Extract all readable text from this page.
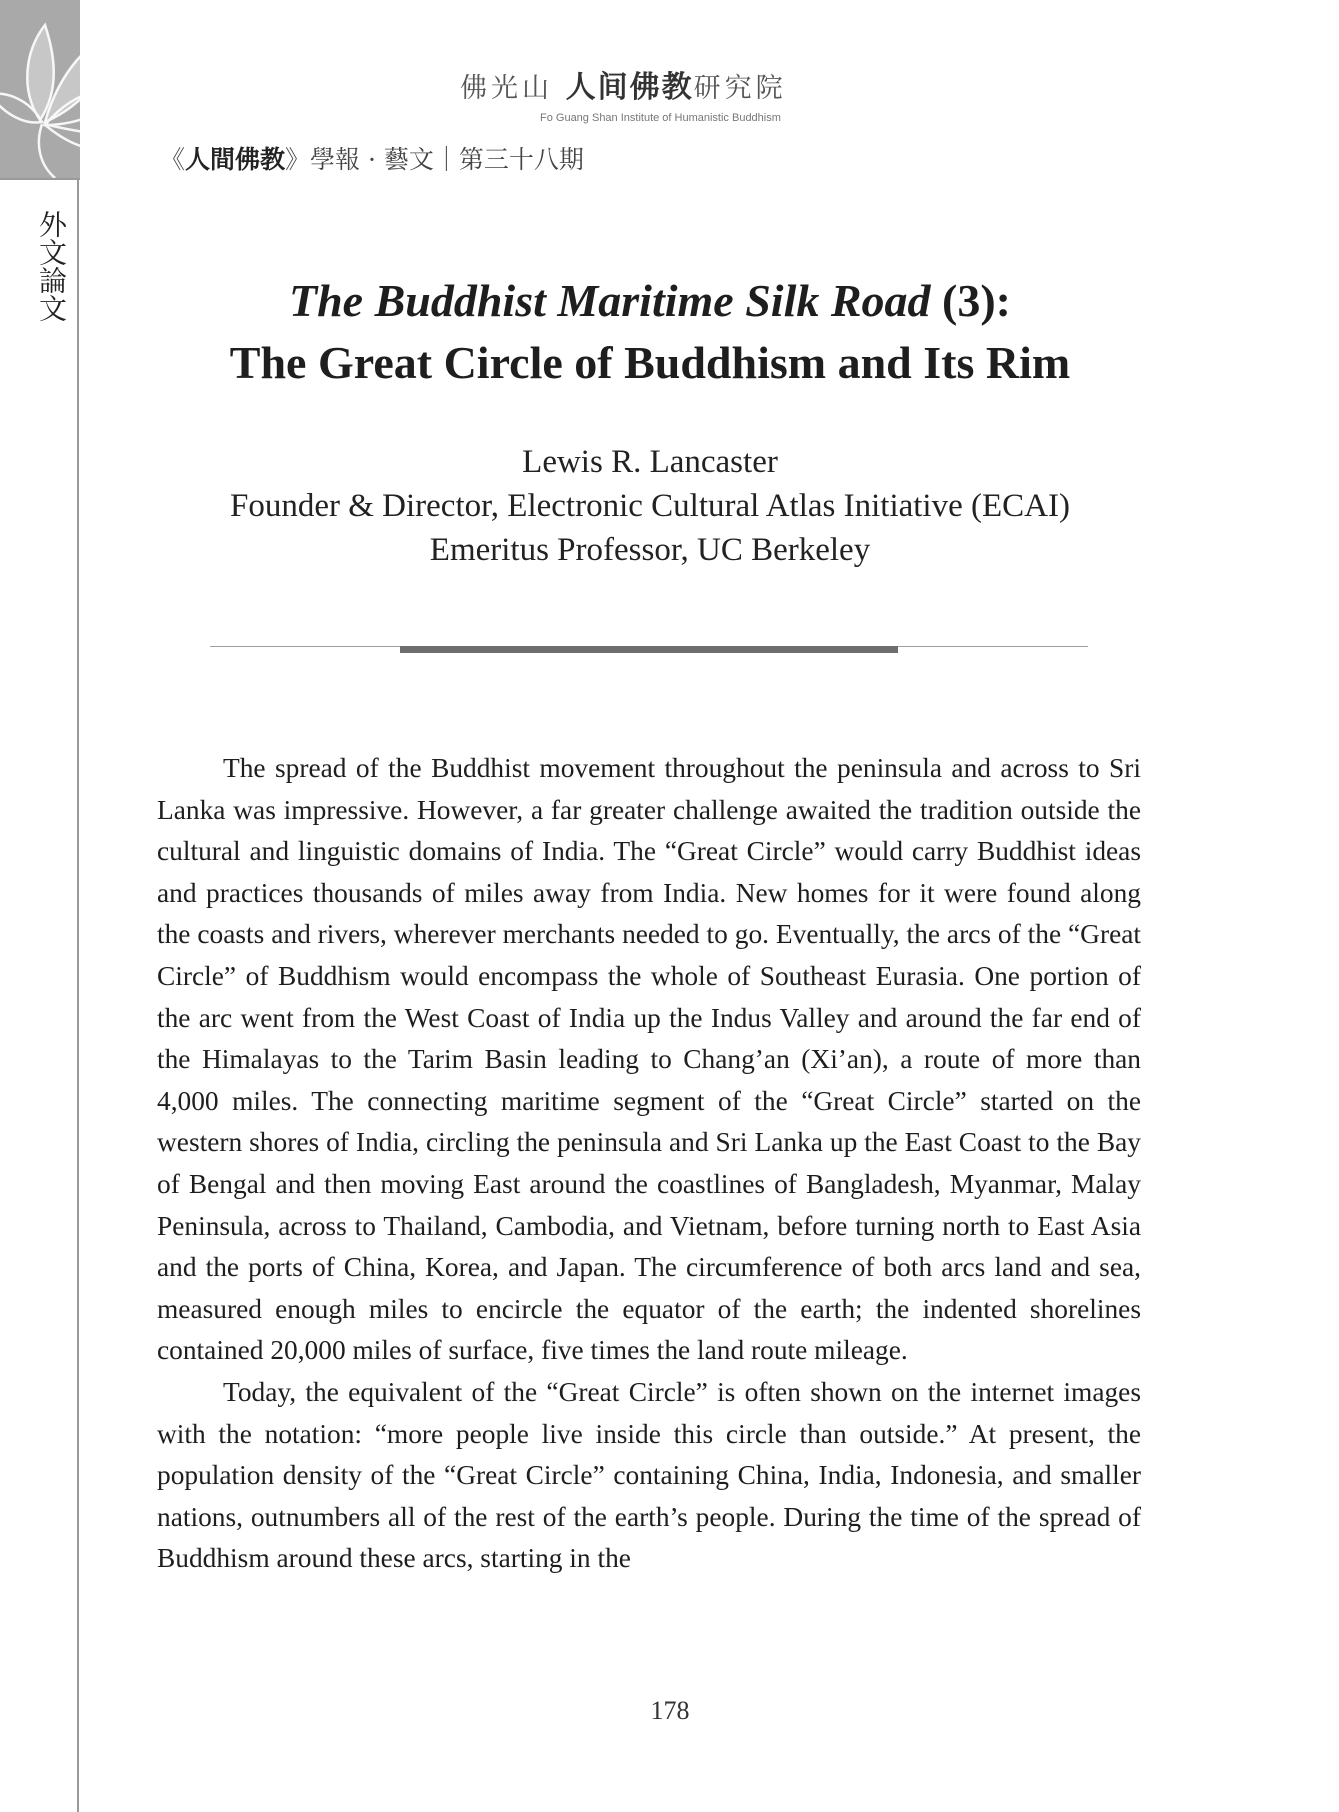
外文論文
佛光山 人间佛教研究院
Fo Guang Shan Institute of Humanistic Buddhism
《人間佛教》學報 · 藝文｜第三十八期
The Buddhist Maritime Silk Road (3):
The Great Circle of Buddhism and Its Rim
Lewis R. Lancaster
Founder & Director, Electronic Cultural Atlas Initiative (ECAI)
Emeritus Professor, UC Berkeley

The spread of the Buddhist movement throughout the peninsula and across to Sri Lanka was impressive. However, a far greater challenge awaited the tradition outside the cultural and linguistic domains of India. The “Great Circle” would carry Buddhist ideas and practices thousands of miles away from India. New homes for it were found along the coasts and rivers, wherever merchants needed to go. Eventually, the arcs of the “Great Circle” of Buddhism would encompass the whole of Southeast Eurasia. One portion of the arc went from the West Coast of India up the Indus Valley and around the far end of the Himalayas to the Tarim Basin leading to Chang’an (Xi’an), a route of more than 4,000 miles. The connecting maritime segment of the “Great Circle” started on the western shores of India, circling the peninsula and Sri Lanka up the East Coast to the Bay of Bengal and then moving East around the coastlines of Bangladesh, Myanmar, Malay Peninsula, across to Thailand, Cambodia, and Vietnam, before turning north to East Asia and the ports of China, Korea, and Japan. The circumference of both arcs land and sea, measured enough miles to encircle the equator of the earth; the indented shorelines contained 20,000 miles of surface, five times the land route mileage.

Today, the equivalent of the “Great Circle” is often shown on the internet images with the notation: “more people live inside this circle than outside.” At present, the population density of the “Great Circle” containing China, India, Indonesia, and smaller nations, outnumbers all of the rest of the earth’s people. During the time of the spread of Buddhism around these arcs, starting in the

178
